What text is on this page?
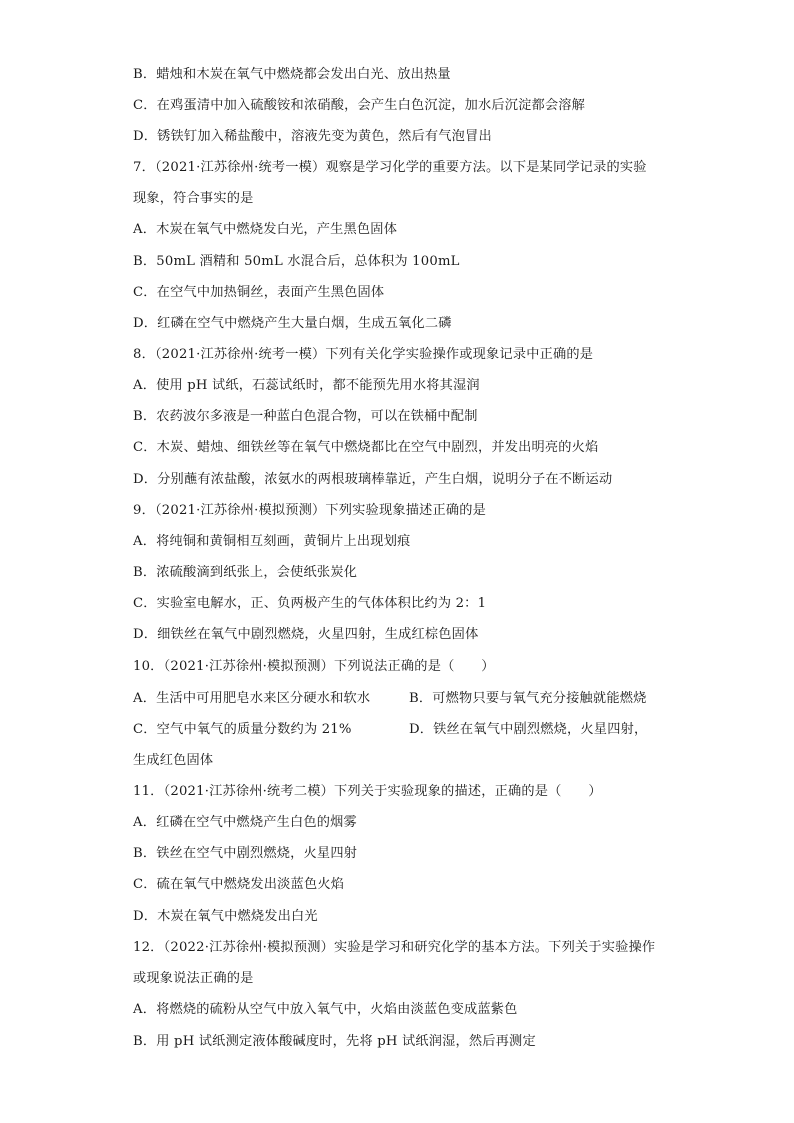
B．蜡烛和木炭在氧气中燃烧都会发出白光、放出热量
C．在鸡蛋清中加入硫酸铵和浓硝酸，会产生白色沉淀，加水后沉淀都会溶解
D．锈铁钉加入稀盐酸中，溶液先变为黄色，然后有气泡冒出
7．（2021·江苏徐州·统考一模）观察是学习化学的重要方法。以下是某同学记录的实验
现象，符合事实的是
A．木炭在氧气中燃烧发白光，产生黑色固体
B．50mL 酒精和 50mL 水混合后，总体积为 100mL
C．在空气中加热铜丝，表面产生黑色固体
D．红磷在空气中燃烧产生大量白烟，生成五氧化二磷
8．（2021·江苏徐州·统考一模）下列有关化学实验操作或现象记录中正确的是
A．使用 pH 试纸，石蕊试纸时，都不能预先用水将其湿润
B．农药波尔多液是一种蓝白色混合物，可以在铁桶中配制
C．木炭、蜡烛、细铁丝等在氧气中燃烧都比在空气中剧烈，并发出明亮的火焰
D．分别蘸有浓盐酸，浓氨水的两根玻璃棒靠近，产生白烟，说明分子在不断运动
9．（2021·江苏徐州·模拟预测）下列实验现象描述正确的是
A．将纯铜和黄铜相互刻画，黄铜片上出现划痕
B．浓硫酸滴到纸张上，会使纸张炭化
C．实验室电解水，正、负两极产生的气体体积比约为 2：1
D．细铁丝在氧气中剧烈燃烧，火星四射，生成红棕色固体
10．（2021·江苏徐州·模拟预测）下列说法正确的是（　　）
A．生活中可用肥皂水来区分硬水和软水	B．可燃物只要与氧气充分接触就能燃烧
C．空气中氧气的质量分数约为 21%	D．铁丝在氧气中剧烈燃烧，火星四射，
生成红色固体
11．（2021·江苏徐州·统考二模）下列关于实验现象的描述，正确的是（　　）
A．红磷在空气中燃烧产生白色的烟雾
B．铁丝在空气中剧烈燃烧，火星四射
C．硫在氧气中燃烧发出淡蓝色火焰
D．木炭在氧气中燃烧发出白光
12．（2022·江苏徐州·模拟预测）实验是学习和研究化学的基本方法。下列关于实验操作
或现象说法正确的是
A．将燃烧的硫粉从空气中放入氧气中，火焰由淡蓝色变成蓝紫色
B．用 pH 试纸测定液体酸碱度时，先将 pH 试纸润湿，然后再测定
